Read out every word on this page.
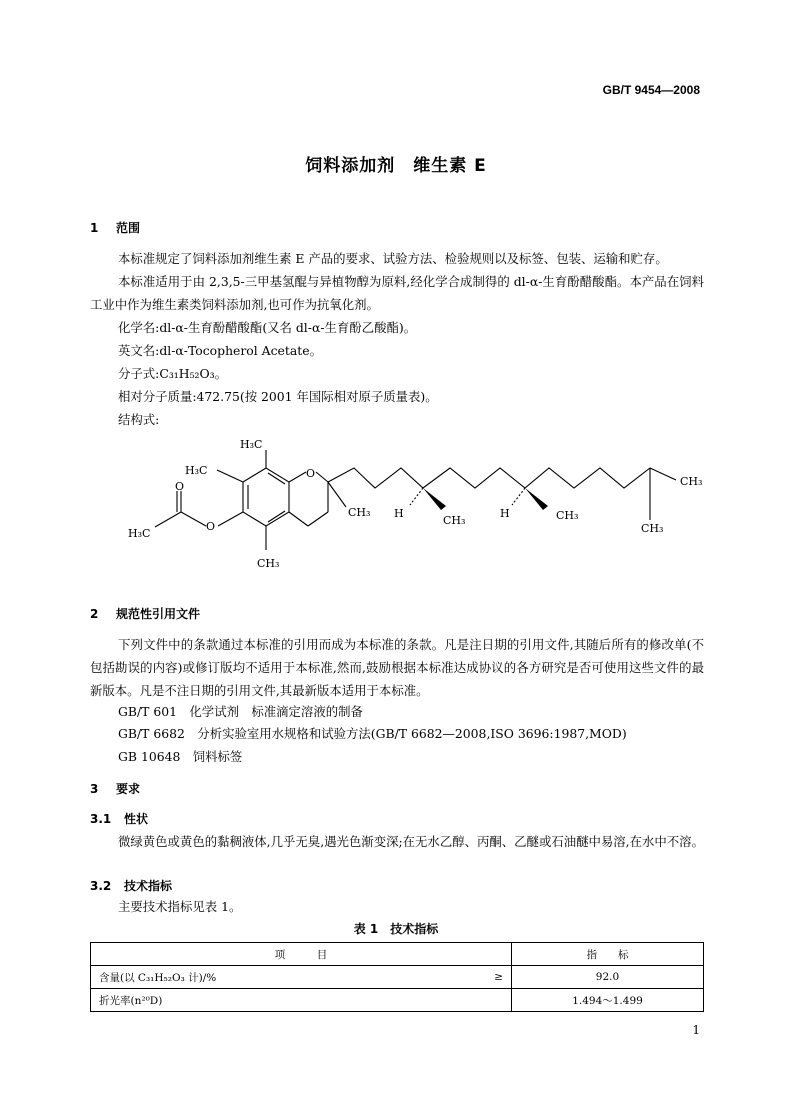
GB/T 9454—2008
饲料添加剂　维生素 E
1 范围
本标准规定了饲料添加剂维生素 E 产品的要求、试验方法、检验规则以及标签、包装、运输和贮存。
本标准适用于由 2,3,5-三甲基氢醌与异植物醇为原料,经化学合成制得的 dl-α-生育酚醋酸酯。本产品在饲料工业中作为维生素类饲料添加剂,也可作为抗氧化剂。
化学名:dl-α-生育酚醋酸酯(又名 dl-α-生育酚乙酸酯)。
英文名:dl-α-Tocopherol Acetate。
分子式:C₃₁H₅₂O₃。
相对分子质量:472.75(按 2001 年国际相对原子质量表)。
结构式:
H₃C
H₃C	O
CH₃ H
CH₃
H	CH₃
CH₃
CH₃
O
H₃C
O
CH₃
2 规范性引用文件
下列文件中的条款通过本标准的引用而成为本标准的条款。凡是注日期的引用文件,其随后所有的修改单(不包括勘误的内容)或修订版均不适用于本标准,然而,鼓励根据本标准达成协议的各方研究是否可使用这些文件的最新版本。凡是不注日期的引用文件,其最新版本适用于本标准。
GB/T 601　化学试剂　标准滴定溶液的制备
GB/T 6682　分析实验室用水规格和试验方法(GB/T 6682—2008,ISO 3696:1987,MOD)
GB 10648　饲料标签
3 要求
3.1 性状
微绿黄色或黄色的黏稠液体,几乎无臭,遇光色渐变深;在无水乙醇、丙酮、乙醚或石油醚中易溶,在水中不溶。
3.2 技术指标
主要技术指标见表 1。
表 1　技术指标
项　　　目		指　　标
含量(以 C₃₁H₅₂O₃ 计)/%	≥	92.0
折光率(n²⁰D)		1.494～1.499
1
